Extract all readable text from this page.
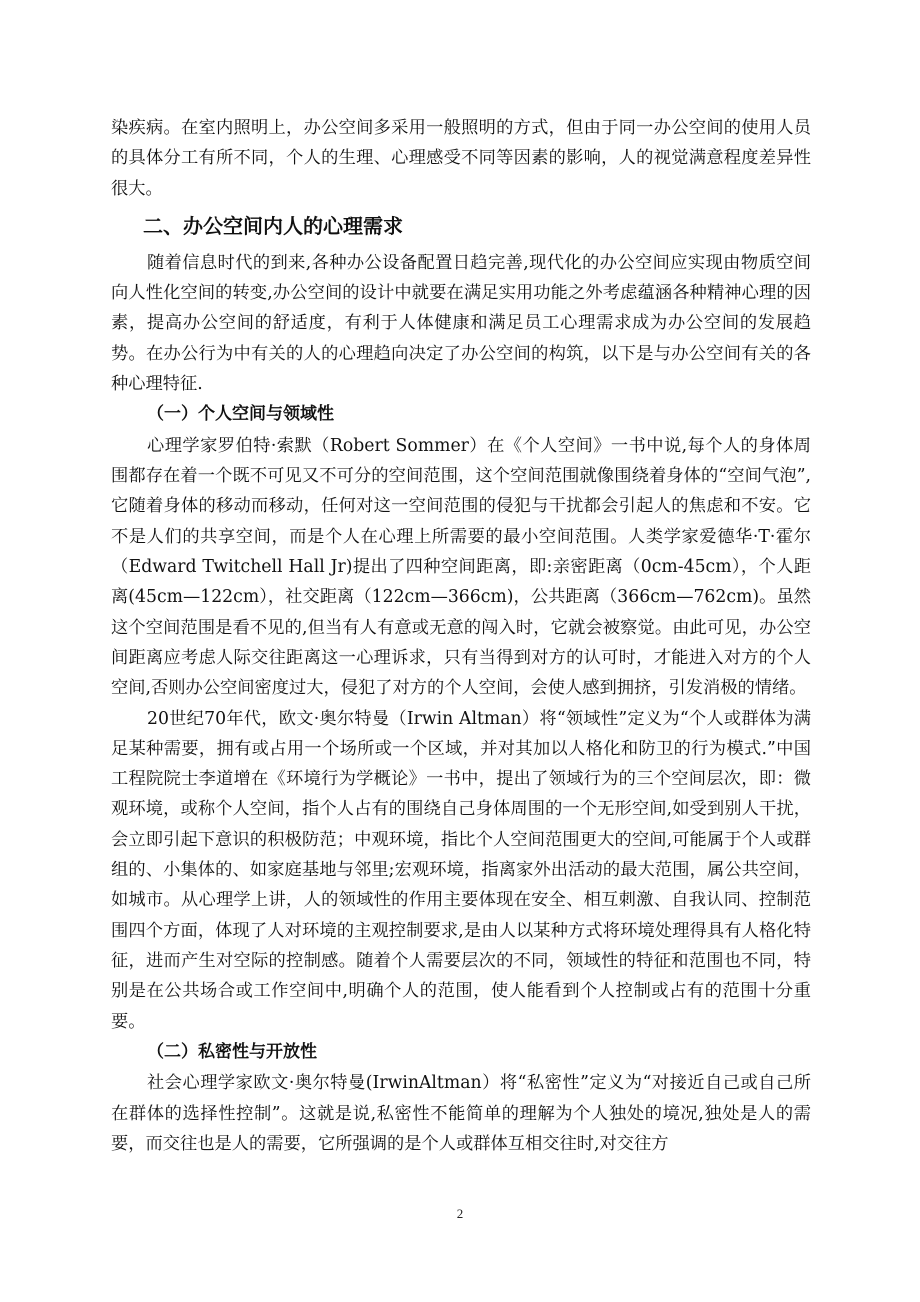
染疾病。在室内照明上，办公空间多采用一般照明的方式，但由于同一办公空间的使用人员的具体分工有所不同，个人的生理、心理感受不同等因素的影响，人的视觉满意程度差异性很大。

二、办公空间内人的心理需求

随着信息时代的到来,各种办公设备配置日趋完善,现代化的办公空间应实现由物质空间向人性化空间的转变,办公空间的设计中就要在满足实用功能之外考虑蕴涵各种精神心理的因素，提高办公空间的舒适度，有利于人体健康和满足员工心理需求成为办公空间的发展趋势。在办公行为中有关的人的心理趋向决定了办公空间的构筑，以下是与办公空间有关的各种心理特征.

（一）个人空间与领域性

心理学家罗伯特·索默（Robert Sommer）在《个人空间》一书中说,每个人的身体周围都存在着一个既不可见又不可分的空间范围，这个空间范围就像围绕着身体的“空间气泡”,它随着身体的移动而移动，任何对这一空间范围的侵犯与干扰都会引起人的焦虑和不安。它不是人们的共享空间，而是个人在心理上所需要的最小空间范围。人类学家爱德华·T·霍尔（Edward Twitchell Hall Jr)提出了四种空间距离，即:亲密距离（0cm-45cm），个人距离(45cm—122cm），社交距离（122cm—366cm)，公共距离（366cm—762cm)。虽然这个空间范围是看不见的,但当有人有意或无意的闯入时，它就会被察觉。由此可见，办公空间距离应考虑人际交往距离这一心理诉求，只有当得到对方的认可时，才能进入对方的个人空间,否则办公空间密度过大，侵犯了对方的个人空间，会使人感到拥挤，引发消极的情绪。

20世纪70年代，欧文·奥尔特曼（Irwin Altman）将“领域性”定义为“个人或群体为满足某种需要，拥有或占用一个场所或一个区域，并对其加以人格化和防卫的行为模式.”中国工程院院士李道增在《环境行为学概论》一书中，提出了领域行为的三个空间层次，即：微观环境，或称个人空间，指个人占有的围绕自己身体周围的一个无形空间,如受到别人干扰，会立即引起下意识的积极防范；中观环境，指比个人空间范围更大的空间,可能属于个人或群组的、小集体的、如家庭基地与邻里;宏观环境，指离家外出活动的最大范围，属公共空间，如城市。从心理学上讲，人的领域性的作用主要体现在安全、相互刺激、自我认同、控制范围四个方面，体现了人对环境的主观控制要求,是由人以某种方式将环境处理得具有人格化特征，进而产生对空际的控制感。随着个人需要层次的不同，领域性的特征和范围也不同，特别是在公共场合或工作空间中,明确个人的范围，使人能看到个人控制或占有的范围十分重要。

（二）私密性与开放性

社会心理学家欧文·奥尔特曼(IrwinAltman）将“私密性”定义为“对接近自己或自己所在群体的选择性控制”。这就是说,私密性不能简单的理解为个人独处的境况,独处是人的需要，而交往也是人的需要，它所强调的是个人或群体互相交往时,对交往方

2
